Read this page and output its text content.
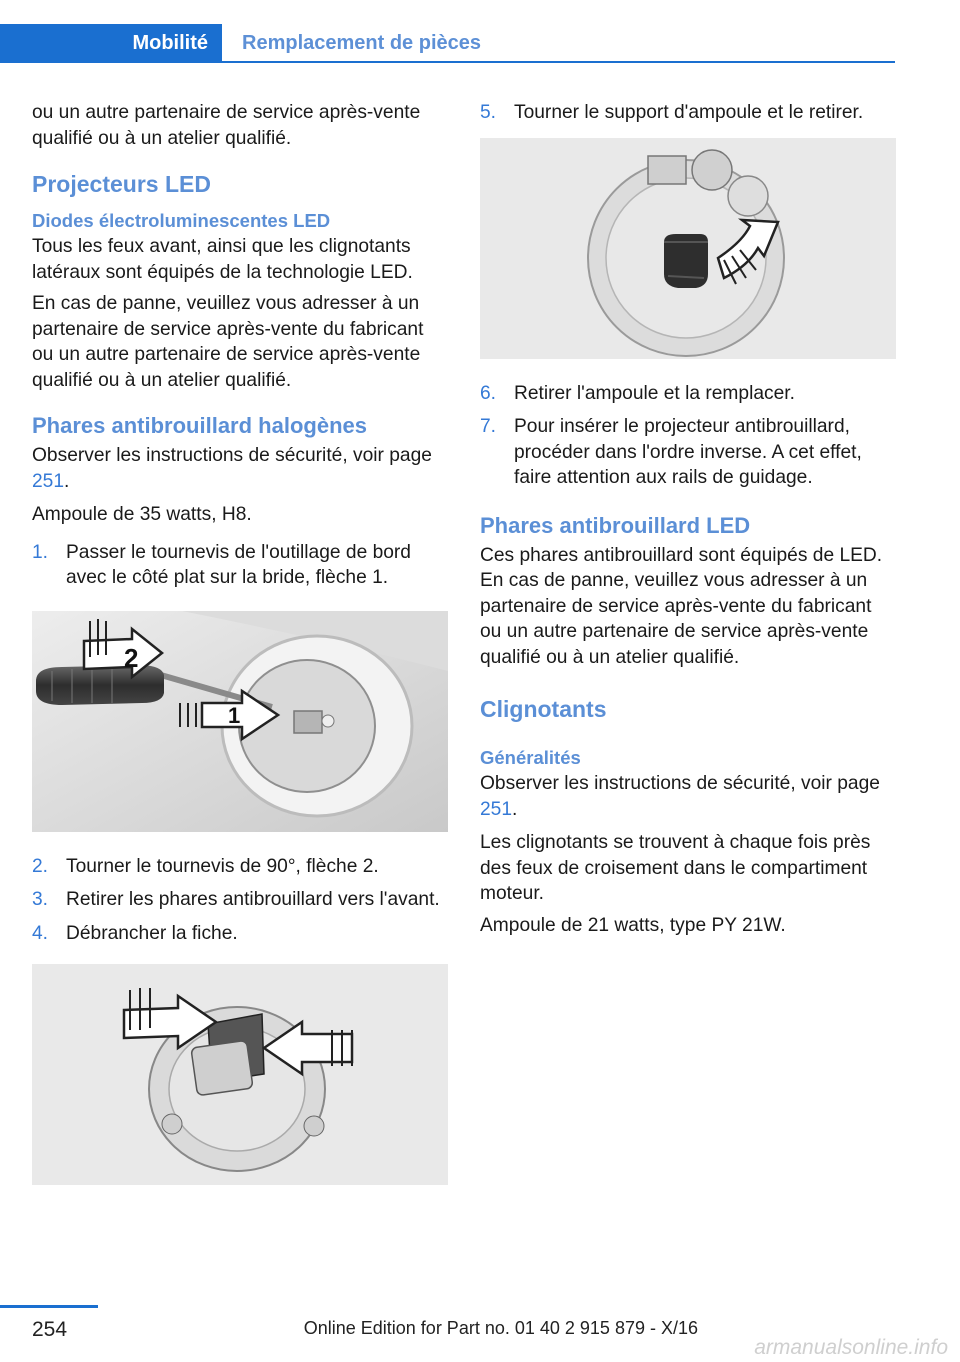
Mobilité	Remplacement de pièces

ou un autre partenaire de service après-vente qualifié ou à un atelier qualifié.

Projecteurs LED
Diodes électroluminescentes LED

Tous les feux avant, ainsi que les clignotants latéraux sont équipés de la technologie LED.

En cas de panne, veuillez vous adresser à un partenaire de service après-vente du fabricant ou un autre partenaire de service après-vente qualifié ou à un atelier qualifié.

Phares antibrouillard halogènes

Observer les instructions de sécurité, voir page 251.

Ampoule de 35 watts, H8.

1. Passer le tournevis de l'outillage de bord avec le côté plat sur la bride, flèche 1.
2
1
2. Tourner le tournevis de 90°, flèche 2.
3. Retirer les phares antibrouillard vers l'avant.
4. Débrancher la fiche.
5. Tourner le support d'ampoule et le retirer.
6. Retirer l'ampoule et la remplacer.
7. Pour insérer le projecteur antibrouillard, procéder dans l'ordre inverse. A cet effet, faire attention aux rails de guidage.
Phares antibrouillard LED

Ces phares antibrouillard sont équipés de LED. En cas de panne, veuillez vous adresser à un partenaire de service après-vente du fabricant ou un autre partenaire de service après-vente qualifié ou à un atelier qualifié.

Clignotants
Généralités

Observer les instructions de sécurité, voir page 251.

Les clignotants se trouvent à chaque fois près des feux de croisement dans le compartiment moteur.

Ampoule de 21 watts, type PY 21W.

254	Online Edition for Part no. 01 40 2 915 879 - X/16
armanualsonline.info
